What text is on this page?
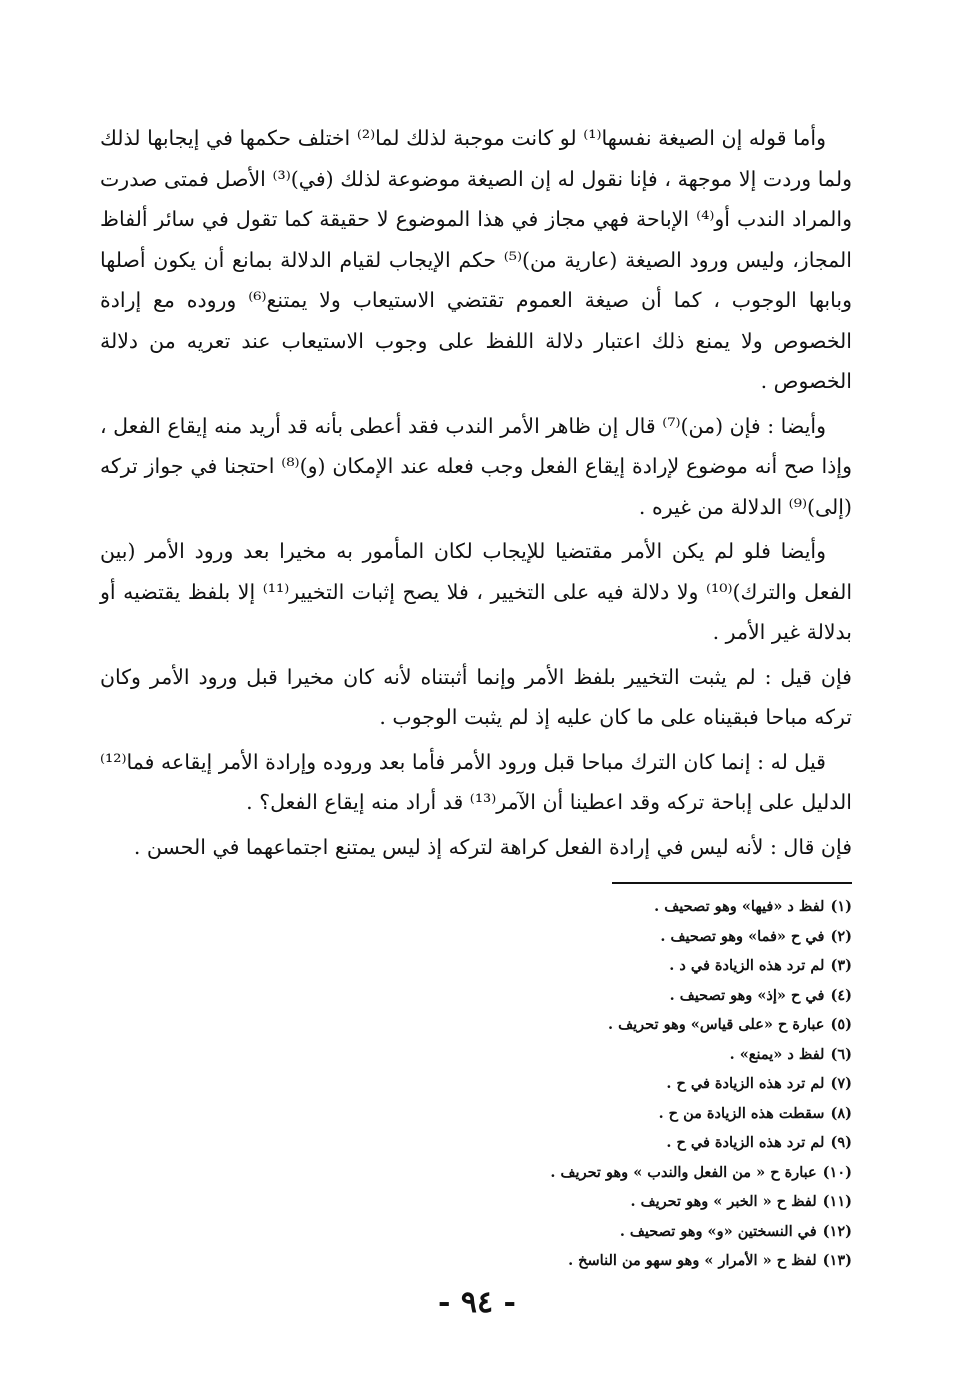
وأما قوله إن الصيغة نفسها⁽¹⁾ لو كانت موجبة لذلك لما⁽²⁾ اختلف حكمها في إيجابها لذلك ولما وردت إلا موجهة ، فإنا نقول له إن الصيغة موضوعة لذلك (في)⁽³⁾ الأصل فمتى صدرت والمراد الندب أو⁽⁴⁾ الإباحة فهي مجاز في هذا الموضوع لا حقيقة كما تقول في سائر ألفاظ المجاز، وليس ورود الصيغة (عارية من)⁽⁵⁾ حكم الإيجاب لقيام الدلالة بمانع أن يكون أصلها وبابها الوجوب ، كما أن صيغة العموم تقتضي الاستيعاب ولا يمتنع⁽⁶⁾ وروده مع إرادة الخصوص ولا يمنع ذلك اعتبار دلالة اللفظ على وجوب الاستيعاب عند تعريه من دلالة الخصوص .

وأيضا : فإن (من)⁽⁷⁾ قال إن ظاهر الأمر الندب فقد أعطى بأنه قد أريد منه إيقاع الفعل ، وإذا صح أنه موضوع لإرادة إيقاع الفعل وجب فعله عند الإمكان (و)⁽⁸⁾ احتجنا في جواز تركه (إلى)⁽⁹⁾ الدلالة من غيره .

وأيضا فلو لم يكن الأمر مقتضيا للإيجاب لكان المأمور به مخيرا بعد ورود الأمر (بين الفعل والترك)⁽¹⁰⁾ ولا دلالة فيه على التخيير ، فلا يصح إثبات التخيير⁽¹¹⁾ إلا بلفظ يقتضيه أو بدلالة غير الأمر .

فإن قيل : لم يثبت التخيير بلفظ الأمر وإنما أثبتناه لأنه كان مخيرا قبل ورود الأمر وكان تركه مباحا فبقيناه على ما كان عليه إذ لم يثبت الوجوب .

قيل له : إنما كان الترك مباحا قبل ورود الأمر فأما بعد وروده وإرادة الأمر إيقاعه فما⁽¹²⁾ الدليل على إباحة تركه وقد اعطينا أن الآمر⁽¹³⁾ قد أراد منه إيقاع الفعل؟ .

فإن قال : لأنه ليس في إرادة الفعل كراهة لتركه إذ ليس يمتنع اجتماعهما في الحسن .

(١)لفظ د «فيها» وهو تصحيف .
(٢)في ح «فما» وهو تصحيف .
(٣)لم ترد هذه الزيادة في د .
(٤)في ح «إذ» وهو تصحيف .
(٥)عبارة ح «على قياس» وهو تحريف .
(٦)لفظ د «يمنع» .
(٧)لم ترد هذه الزيادة في ح .
(٨)سقطت هذه الزيادة من ح .
(٩)لم ترد هذه الزيادة في ح .
(١٠)عبارة ح « من الفعل والندب » وهو تحريف .
(١١)لفظ ح « الخبر » وهو تحريف .
(١٢)في النسختين «و» وهو تصحيف .
(١٣)لفظ ح « الأمرار » وهو سهو من الناسخ .
- ٩٤ -
